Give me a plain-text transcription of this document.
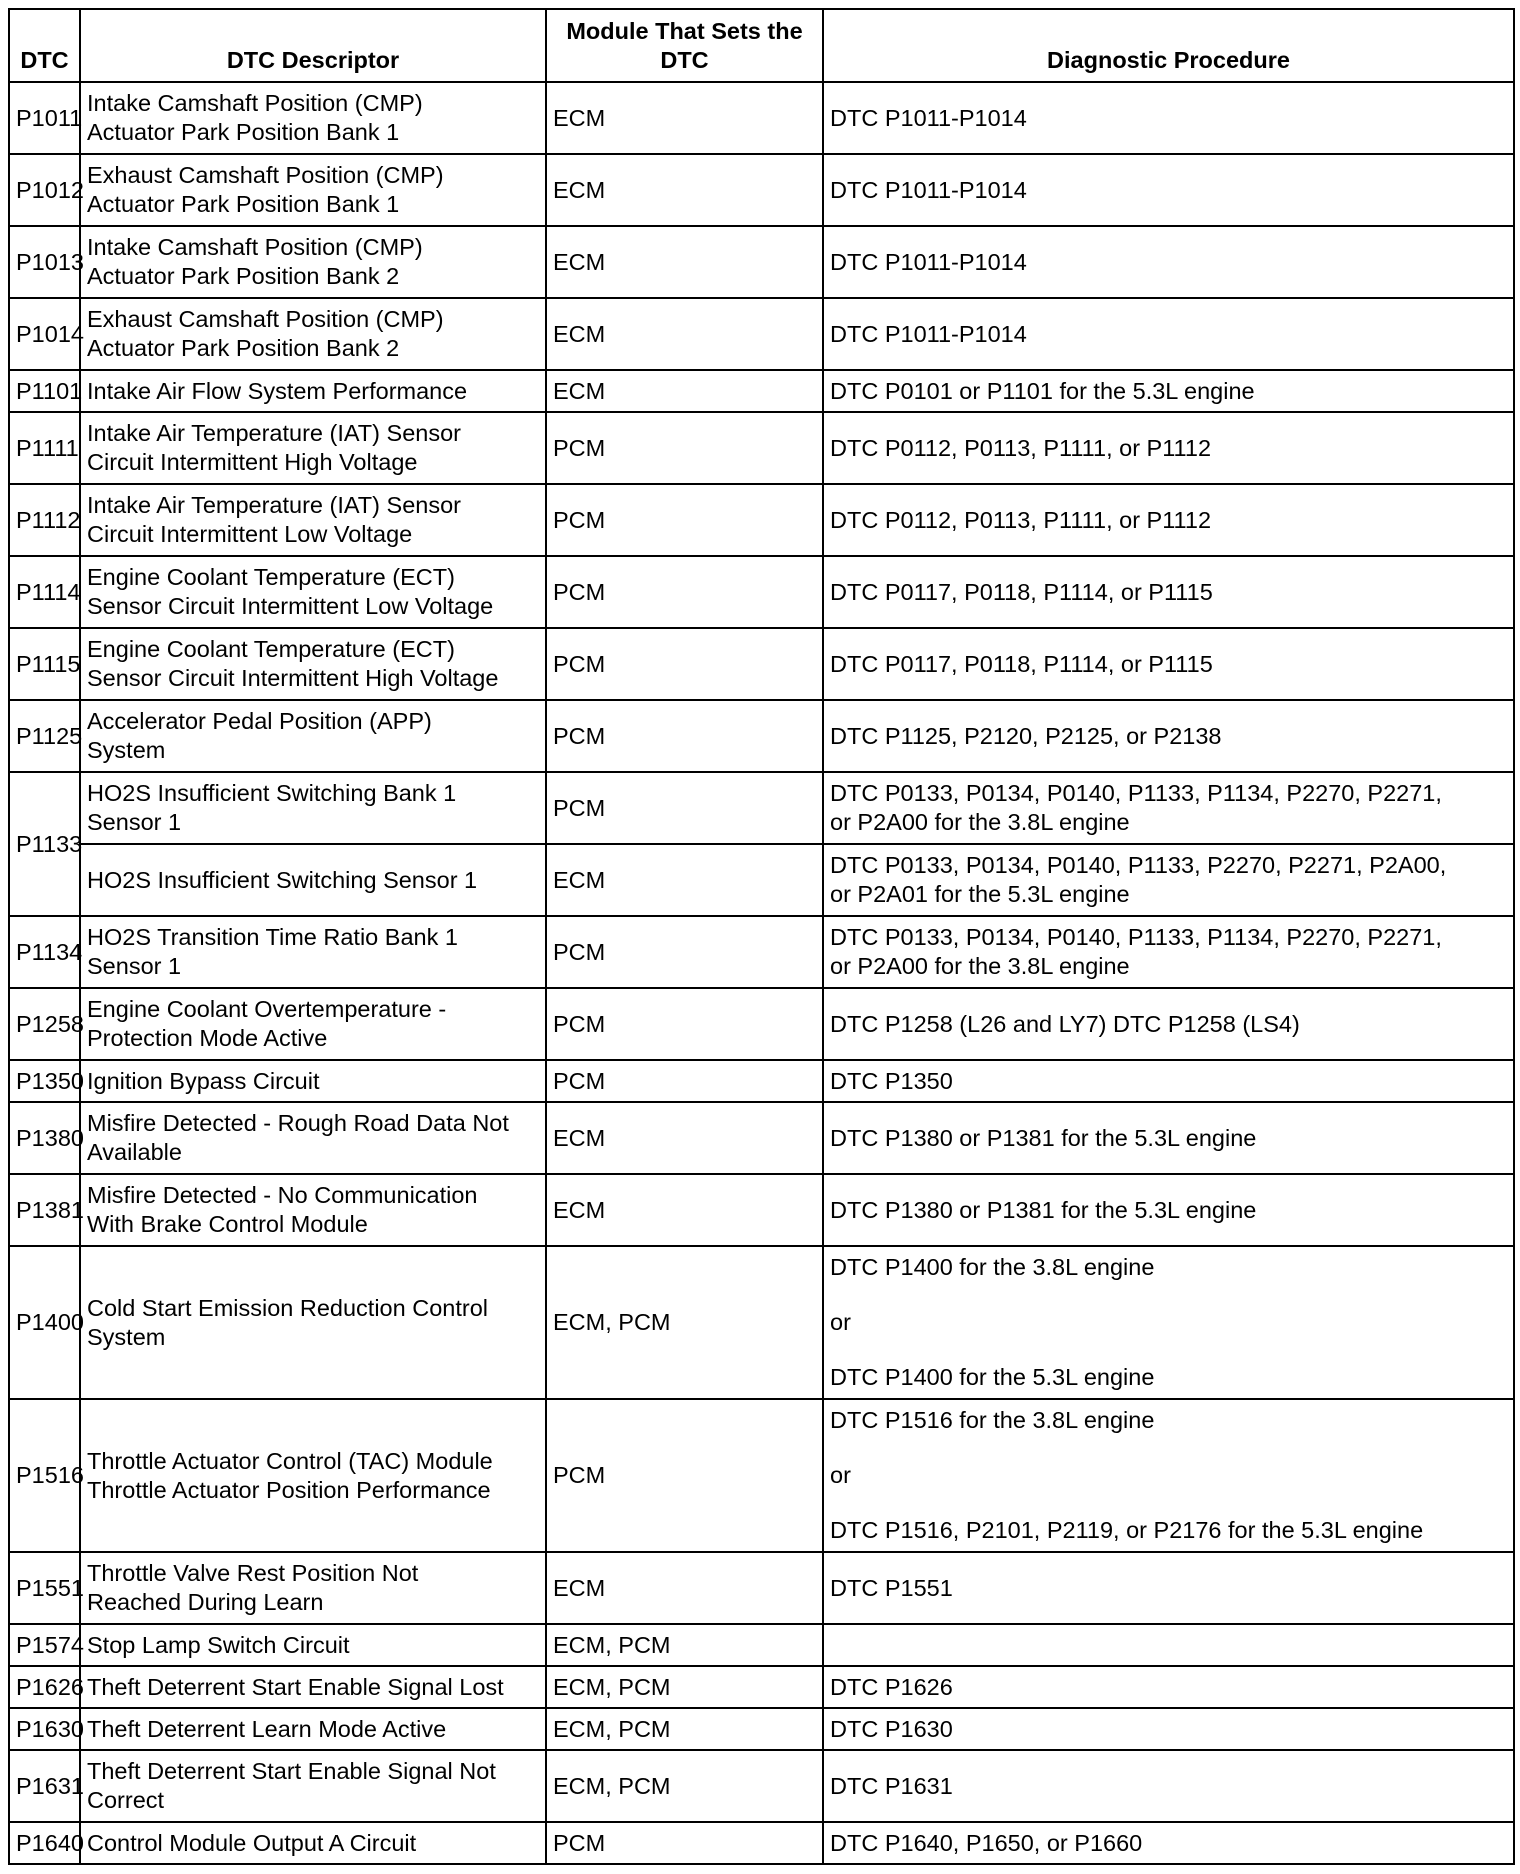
DTC	DTC Descriptor	Module That Sets the
DTC	Diagnostic Procedure
P1011	Intake Camshaft Position (CMP)
Actuator Park Position Bank 1	ECM	DTC P1011-P1014

P1012	Exhaust Camshaft Position (CMP)
Actuator Park Position Bank 1	ECM	DTC P1011-P1014

P1013	Intake Camshaft Position (CMP)
Actuator Park Position Bank 2	ECM	DTC P1011-P1014

P1014	Exhaust Camshaft Position (CMP)
Actuator Park Position Bank 2	ECM	DTC P1011-P1014

P1101	Intake Air Flow System Performance	ECM	DTC P0101 or P1101 for the 5.3L engine

P1111	Intake Air Temperature (IAT) Sensor
Circuit Intermittent High Voltage	PCM	DTC P0112, P0113, P1111, or P1112

P1112	Intake Air Temperature (IAT) Sensor
Circuit Intermittent Low Voltage	PCM	DTC P0112, P0113, P1111, or P1112

P1114	Engine Coolant Temperature (ECT)
Sensor Circuit Intermittent Low Voltage	PCM	DTC P0117, P0118, P1114, or P1115

P1115	Engine Coolant Temperature (ECT)
Sensor Circuit Intermittent High Voltage	PCM	DTC P0117, P0118, P1114, or P1115

P1125	Accelerator Pedal Position (APP)
System	PCM	DTC P1125, P2120, P2125, or P2138

P1133	HO2S Insufficient Switching Bank 1
Sensor 1	PCM	DTC P0133, P0134, P0140, P1133, P1134, P2270, P2271,
or P2A00 for the 3.8L engine

	HO2S Insufficient Switching Sensor 1	ECM	DTC P0133, P0134, P0140, P1133, P2270, P2271, P2A00,
or P2A01 for the 5.3L engine

P1134	HO2S Transition Time Ratio Bank 1
Sensor 1	PCM	DTC P0133, P0134, P0140, P1133, P1134, P2270, P2271,
or P2A00 for the 3.8L engine

P1258	Engine Coolant Overtemperature -
Protection Mode Active	PCM	DTC P1258 (L26 and LY7) DTC P1258 (LS4)

P1350	Ignition Bypass Circuit	PCM	DTC P1350

P1380	Misfire Detected - Rough Road Data Not
Available	ECM	DTC P1380 or P1381 for the 5.3L engine

P1381	Misfire Detected - No Communication
With Brake Control Module	ECM	DTC P1380 or P1381 for the 5.3L engine

P1400	Cold Start Emission Reduction Control
System	ECM, PCM	DTC P1400 for the 3.8L engine
or
DTC P1400 for the 5.3L engine

P1516	Throttle Actuator Control (TAC) Module
Throttle Actuator Position Performance	PCM	DTC P1516 for the 3.8L engine
or
DTC P1516, P2101, P2119, or P2176 for the 5.3L engine

P1551	Throttle Valve Rest Position Not
Reached During Learn	ECM	DTC P1551

P1574	Stop Lamp Switch Circuit	ECM, PCM	

P1626	Theft Deterrent Start Enable Signal Lost	ECM, PCM	DTC P1626

P1630	Theft Deterrent Learn Mode Active	ECM, PCM	DTC P1630

P1631	Theft Deterrent Start Enable Signal Not
Correct	ECM, PCM	DTC P1631

P1640	Control Module Output A Circuit	PCM	DTC P1640, P1650, or P1660
